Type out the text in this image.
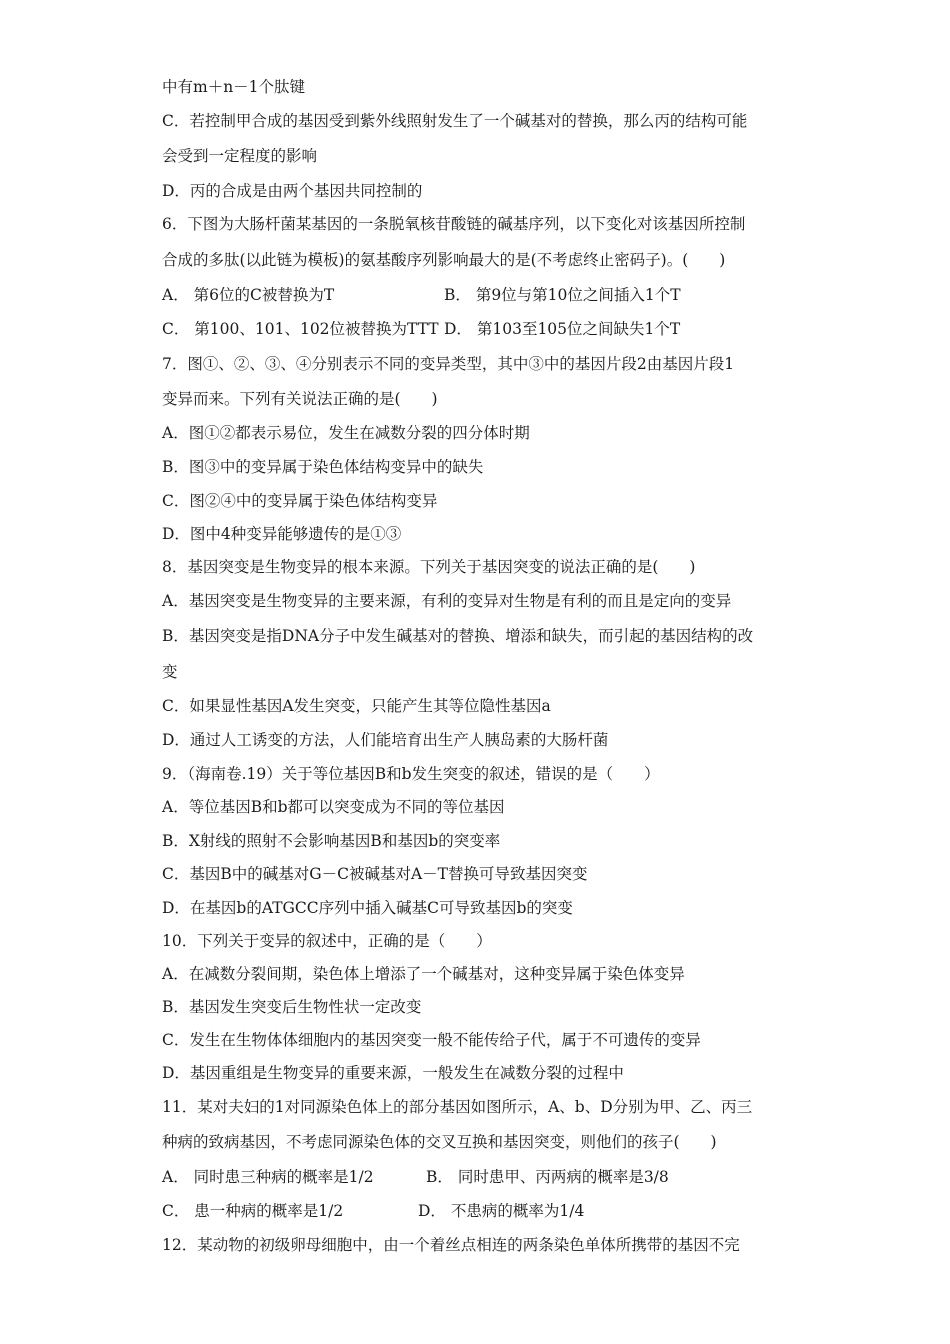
中有m＋n－1个肽键
C．若控制甲合成的基因受到紫外线照射发生了一个碱基对的替换，那么丙的结构可能
会受到一定程度的影响
D．丙的合成是由两个基因共同控制的
6．下图为大肠杆菌某基因的一条脱氧核苷酸链的碱基序列，以下变化对该基因所控制
合成的多肽(以此链为模板)的氨基酸序列影响最大的是(不考虑终止密码子)。(　　)
A． 第6位的C被替换为T	B． 第9位与第10位之间插入1个T
C． 第100、101、102位被替换为TTT D． 第103至105位之间缺失1个T
7．图①、②、③、④分别表示不同的变异类型，其中③中的基因片段2由基因片段1
变异而来。下列有关说法正确的是(　　)
A．图①②都表示易位，发生在减数分裂的四分体时期
B．图③中的变异属于染色体结构变异中的缺失
C．图②④中的变异属于染色体结构变异
D．图中4种变异能够遗传的是①③
8．基因突变是生物变异的根本来源。下列关于基因突变的说法正确的是(　　)
A．基因突变是生物变异的主要来源，有利的变异对生物是有利的而且是定向的变异
B．基因突变是指DNA分子中发生碱基对的替换、增添和缺失，而引起的基因结构的改
变
C．如果显性基因A发生突变，只能产生其等位隐性基因a
D．通过人工诱变的方法，人们能培育出生产人胰岛素的大肠杆菌
9．（海南卷.19）关于等位基因B和b发生突变的叙述，错误的是（　　）
A．等位基因B和b都可以突变成为不同的等位基因
B．X射线的照射不会影响基因B和基因b的突变率
C．基因B中的碱基对G－C被碱基对A－T替换可导致基因突变
D．在基因b的ATGCC序列中插入碱基C可导致基因b的突变
10．下列关于变异的叙述中，正确的是（　　）
A．在减数分裂间期，染色体上增添了一个碱基对，这种变异属于染色体变异
B．基因发生突变后生物性状一定改变
C．发生在生物体体细胞内的基因突变一般不能传给子代，属于不可遗传的变异
D．基因重组是生物变异的重要来源，一般发生在减数分裂的过程中
11．某对夫妇的1对同源染色体上的部分基因如图所示，A、b、D分别为甲、乙、丙三
种病的致病基因，不考虑同源染色体的交叉互换和基因突变，则他们的孩子(　　)
A． 同时患三种病的概率是1/2	B． 同时患甲、丙两病的概率是3/8
C． 患一种病的概率是1/2	D． 不患病的概率为1/4
12．某动物的初级卵母细胞中，由一个着丝点相连的两条染色单体所携带的基因不完
